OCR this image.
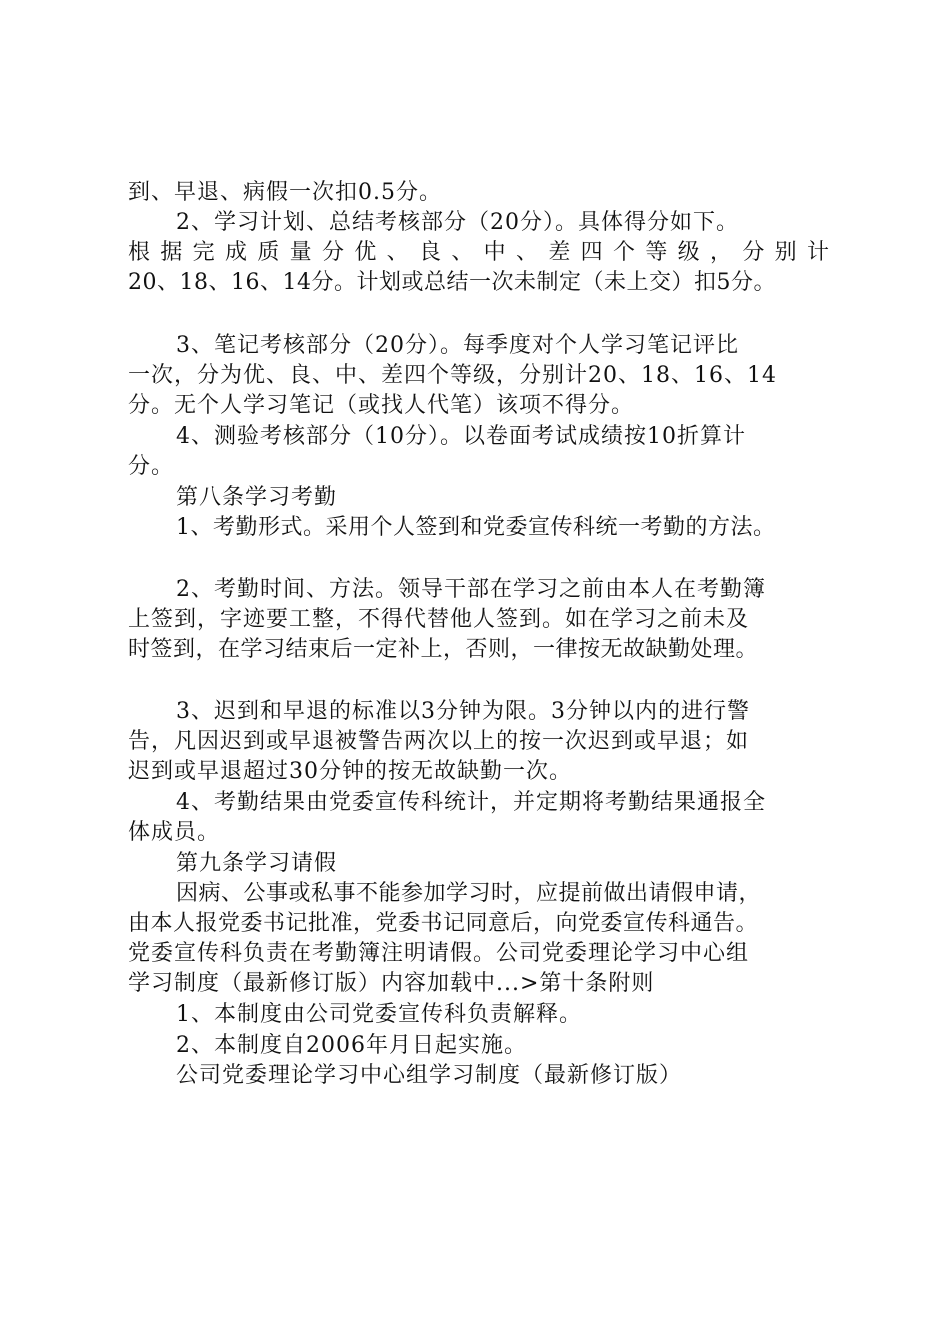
到、早退、病假一次扣0.5分。
2、学习计划、总结考核部分（20分）。具体得分如下。
根据完成质量分优、良、中、差四个等级，分别计
20、18、16、14分。计划或总结一次未制定（未上交）扣5分。
3、笔记考核部分（20分）。每季度对个人学习笔记评比
一次，分为优、良、中、差四个等级，分别计20、18、16、14
分。无个人学习笔记（或找人代笔）该项不得分。
4、测验考核部分（10分）。以卷面考试成绩按10折算计
分。
第八条学习考勤
1、考勤形式。采用个人签到和党委宣传科统一考勤的方法。
2、考勤时间、方法。领导干部在学习之前由本人在考勤簿
上签到，字迹要工整，不得代替他人签到。如在学习之前未及
时签到，在学习结束后一定补上，否则，一律按无故缺勤处理。
3、迟到和早退的标准以3分钟为限。3分钟以内的进行警
告，凡因迟到或早退被警告两次以上的按一次迟到或早退；如
迟到或早退超过30分钟的按无故缺勤一次。
4、考勤结果由党委宣传科统计，并定期将考勤结果通报全
体成员。
第九条学习请假
因病、公事或私事不能参加学习时，应提前做出请假申请，
由本人报党委书记批准，党委书记同意后，向党委宣传科通告。
党委宣传科负责在考勤簿注明请假。公司党委理论学习中心组
学习制度（最新修订版）内容加载中...>第十条附则
1、本制度由公司党委宣传科负责解释。
2、本制度自2006年月日起实施。
公司党委理论学习中心组学习制度（最新修订版）
